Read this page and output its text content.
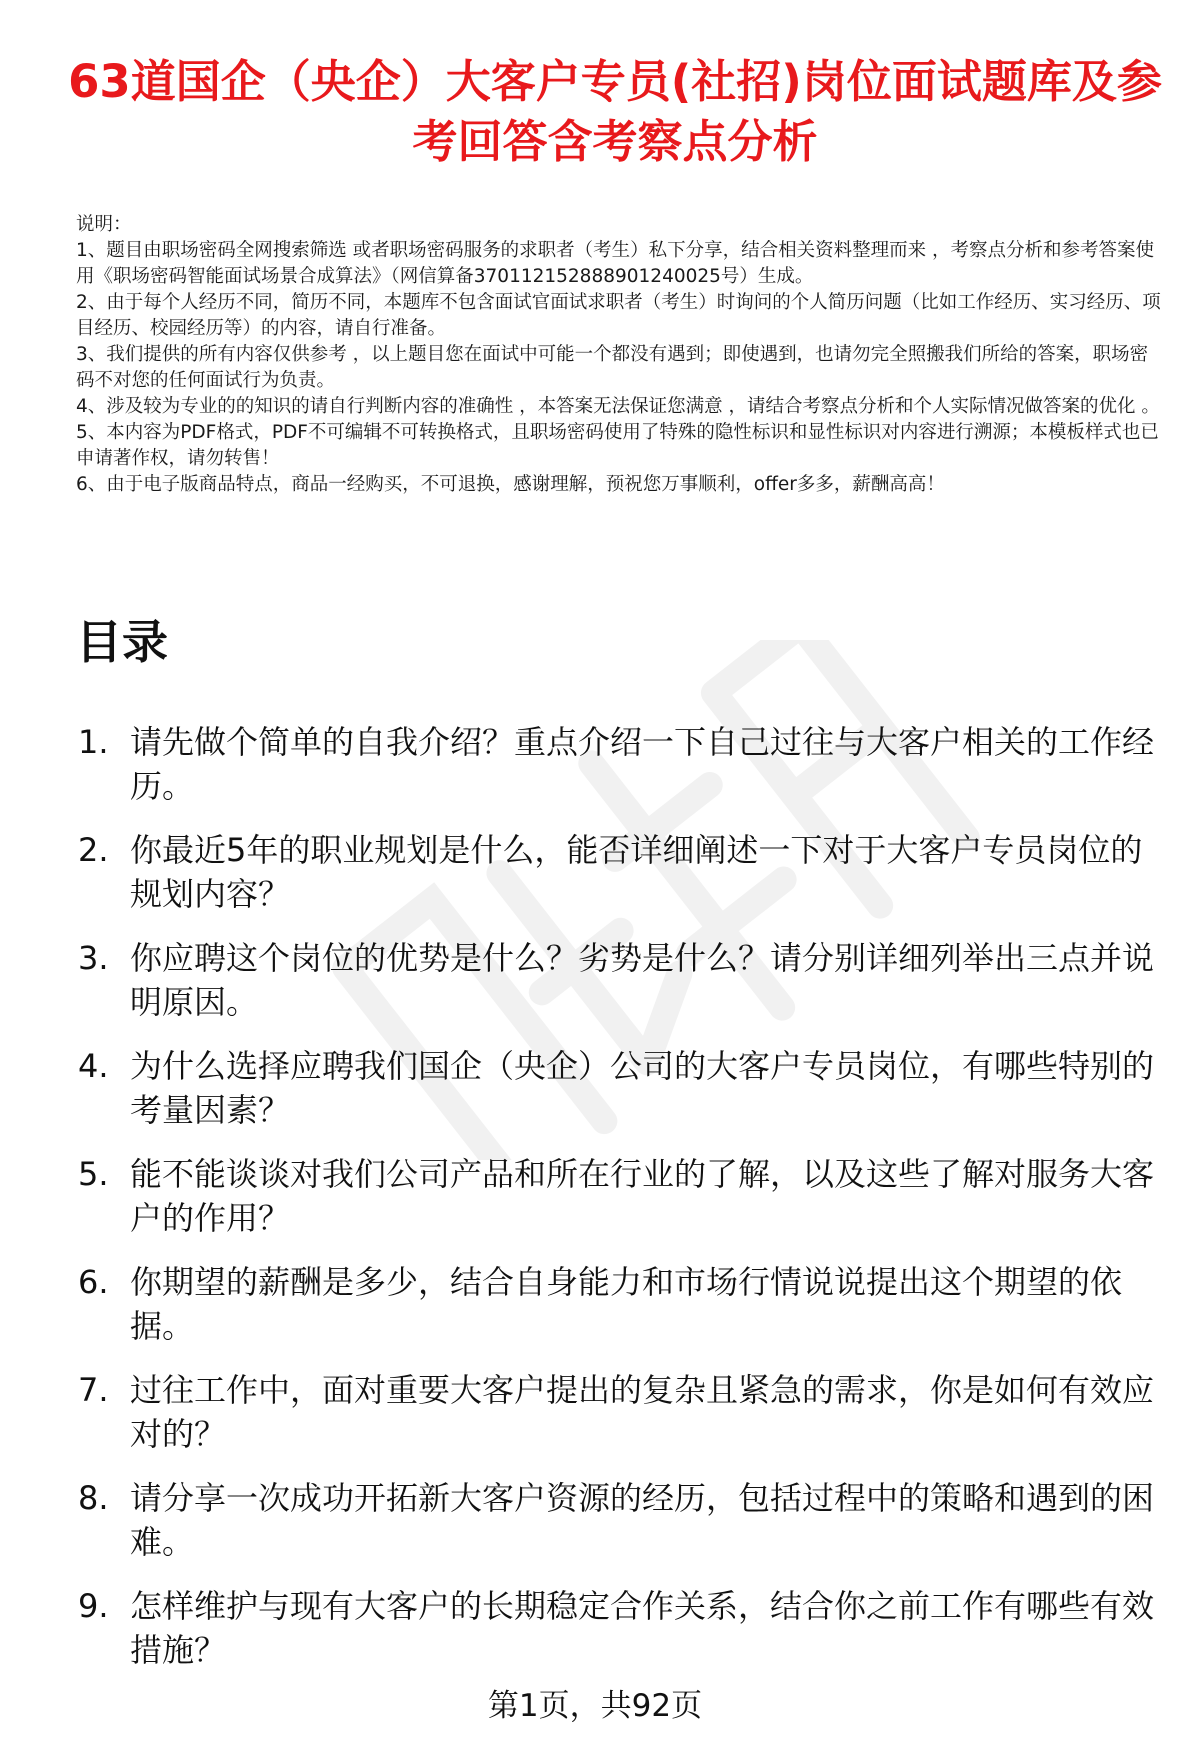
63道国企（央企）大客户专员(社招)岗位面试题库及参考回答含考察点分析

说明：

1、题目由职场密码全网搜索筛选 或者职场密码服务的求职者（考生）私下分享，结合相关资料整理而来 ，考察点分析和参考答案使用《职场密码智能面试场景合成算法》（网信算备370112152888901240025号）生成。

2、由于每个人经历不同，简历不同，本题库不包含面试官面试求职者（考生）时询问的个人简历问题（比如工作经历、实习经历、项目经历、校园经历等）的内容，请自行准备。

3、我们提供的所有内容仅供参考 ，以上题目您在面试中可能一个都没有遇到；即使遇到，也请勿完全照搬我们所给的答案，职场密码不对您的任何面试行为负责。

4、涉及较为专业的的知识的请自行判断内容的准确性 ，本答案无法保证您满意 ，请结合考察点分析和个人实际情况做答案的优化 。

5、本内容为PDF格式，PDF不可编辑不可转换格式，且职场密码使用了特殊的隐性标识和显性标识对内容进行溯源；本模板样式也已申请著作权，请勿转售！

6、由于电子版商品特点，商品一经购买，不可退换，感谢理解，预祝您万事顺利，offer多多，薪酬高高！

目录
1. 请先做个简单的自我介绍？重点介绍一下自己过往与大客户相关的工作经历。
2. 你最近5年的职业规划是什么，能否详细阐述一下对于大客户专员岗位的规划内容？
3. 你应聘这个岗位的优势是什么？劣势是什么？请分别详细列举出三点并说明原因。
4. 为什么选择应聘我们国企（央企）公司的大客户专员岗位，有哪些特别的考量因素？
5. 能不能谈谈对我们公司产品和所在行业的了解，以及这些了解对服务大客户的作用？
6. 你期望的薪酬是多少，结合自身能力和市场行情说说提出这个期望的依据。
7. 过往工作中，面对重要大客户提出的复杂且紧急的需求，你是如何有效应对的？
8. 请分享一次成功开拓新大客户资源的经历，包括过程中的策略和遇到的困难。
9. 怎样维护与现有大客户的长期稳定合作关系，结合你之前工作有哪些有效措施？
第1页，共92页
